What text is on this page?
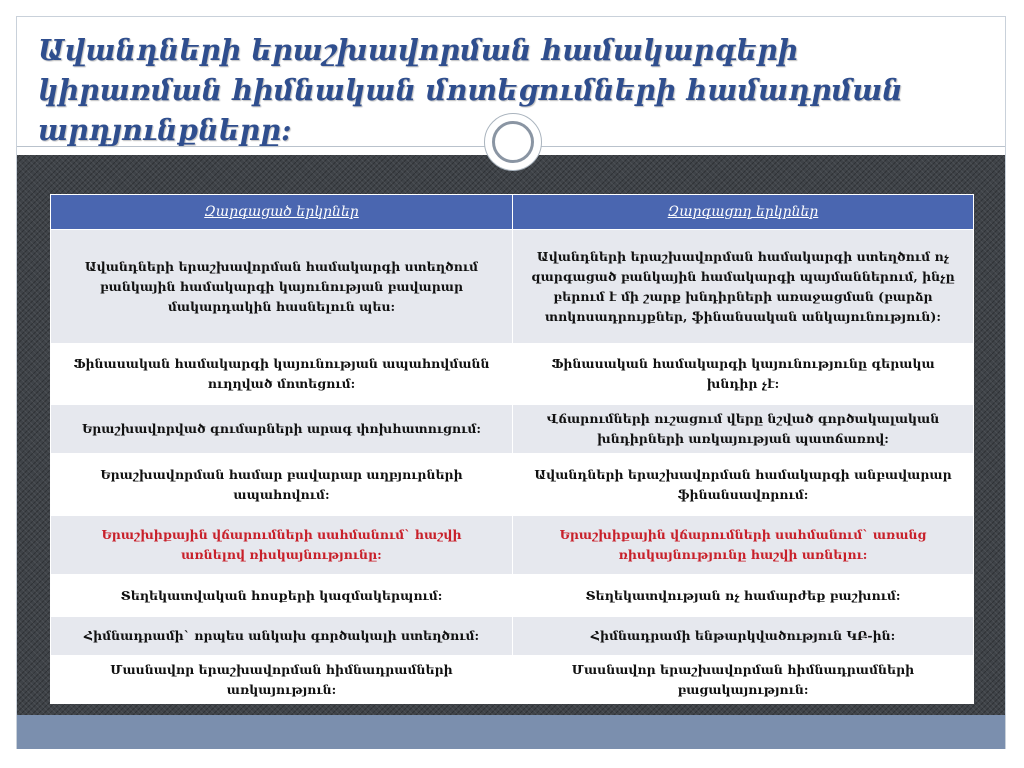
Ավանդների երաշխավորման համակարգերի կիրառման հիմնական մոտեցումների համադրման արդյունքները:
Զարգացած երկրներ	Զարգացող երկրներ
Ավանդների երաշխավորման համակարգի ստեղծում բանկային համակարգի կայունության բավարար մակարդակին հասնելուն պես:	Ավանդների երաշխավորման համակարգի ստեղծում ոչ զարգացած բանկային համակարգի պայմաններում, ինչը բերում է մի շարք խնդիրների առաջացման (բարձր տոկոսադրույքներ, ֆինանսական անկայունություն):
Ֆինասական համակարգի կայունության ապահովմանն ուղղված մոտեցում:	Ֆինասական համակարգի կայունությունը գերակա խնդիր չէ:
Երաշխավորված գումարների արագ փոխհատուցում:	Վճարումների ուշացում վերը նշված գործակալական խնդիրների առկայության պատճառով:
Երաշխավորման համար բավարար աղբյուրների ապահովում:	Ավանդների երաշխավորման համակարգի անբավարար ֆինանսավորում:
Երաշխիքային վճարումների սահմանում` հաշվի առնելով ռիսկայնությունը:	Երաշխիքային վճարումների սահմանում` առանց ռիսկայնությունը հաշվի առնելու:
Տեղեկատվական հոսքերի կազմակերպում:	Տեղեկատվության ոչ համարժեք բաշխում:
Հիմնադրամի` որպես անկախ գործակալի ստեղծում:	Հիմնադրամի ենթարկվածություն ԿԲ-ին:
Մասնավոր երաշխավորման հիմնադրամների առկայություն:	Մասնավոր երաշխավորման հիմնադրամների բացակայություն:
